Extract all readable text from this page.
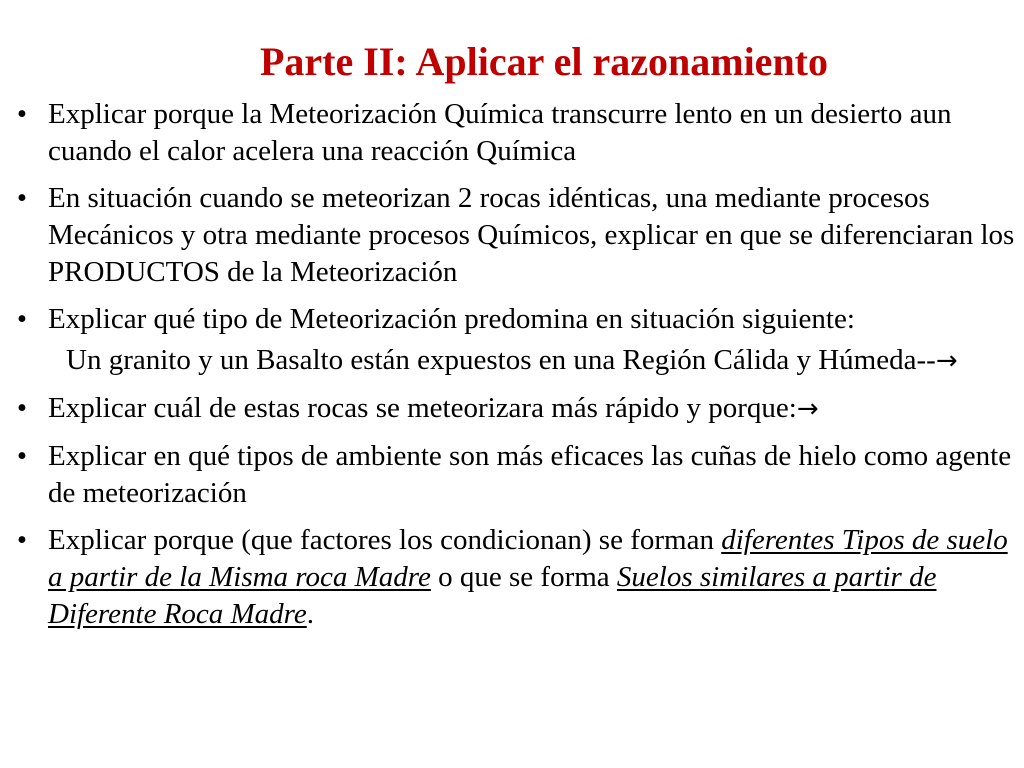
Parte II: Aplicar el razonamiento
• Explicar porque la Meteorización Química transcurre lento en un desierto aun cuando el calor acelera una reacción Química
• En situación cuando se meteorizan 2 rocas idénticas, una mediante procesos Mecánicos y otra mediante procesos Químicos, explicar en que se diferenciaran los PRODUCTOS de la Meteorización
• Explicar qué tipo de Meteorización predomina en situación siguiente:
Un granito y un Basalto están expuestos en una Región Cálida y Húmeda--→
• Explicar cuál de estas rocas se meteorizara más rápido y porque:→
• Explicar en qué tipos de ambiente son más eficaces las cuñas de hielo como agente de meteorización
• Explicar porque (que factores los condicionan) se forman diferentes Tipos de suelo a partir de la Misma roca Madre o que se forma Suelos similares a partir de Diferente Roca Madre.
